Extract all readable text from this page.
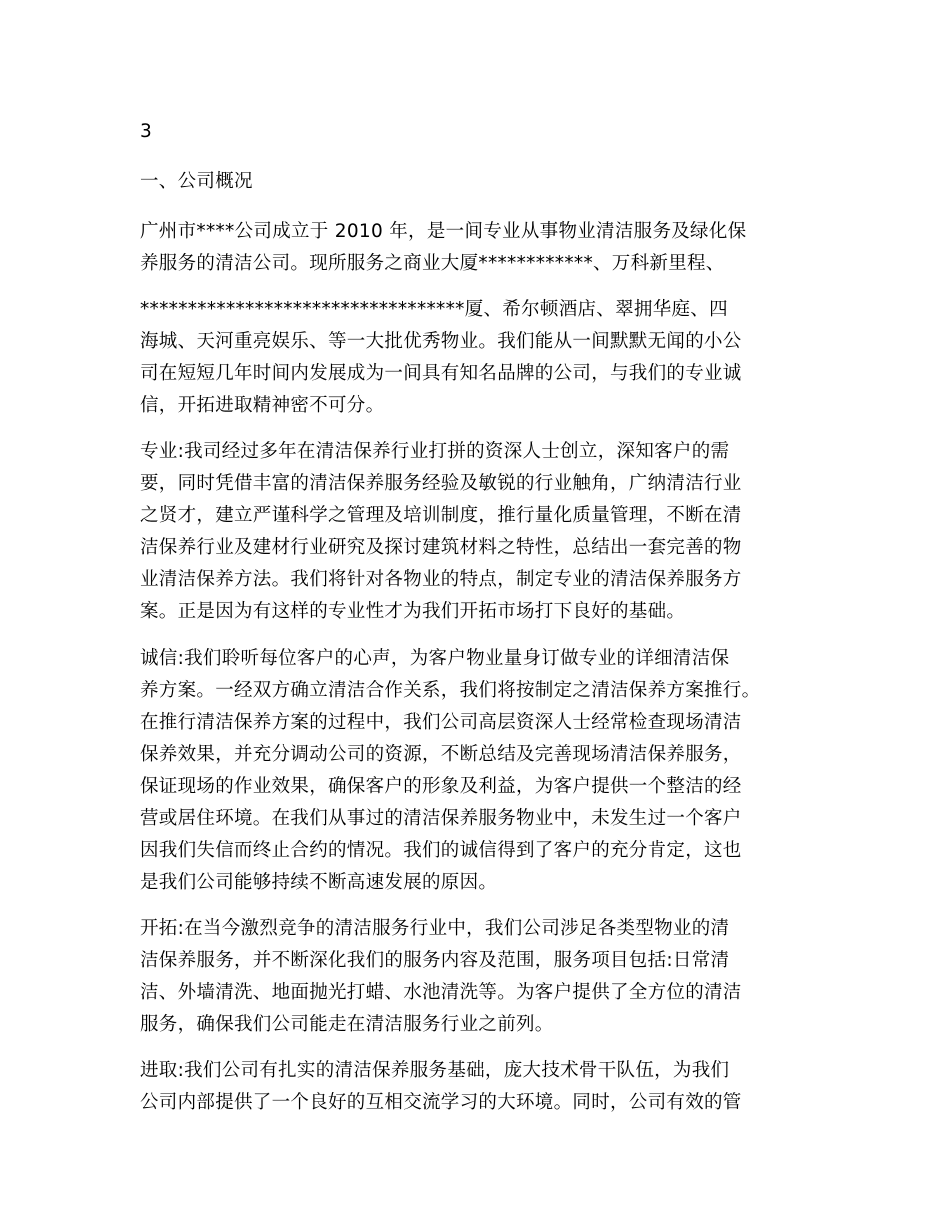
3
一、公司概况
广州市****公司成立于 2010 年，是一间专业从事物业清洁服务及绿化保
养服务的清洁公司。现所服务之商业大厦************、万科新里程、
**********************************厦、希尔顿酒店、翠拥华庭、四
海城、天河重亮娱乐、等一大批优秀物业。我们能从一间默默无闻的小公
司在短短几年时间内发展成为一间具有知名品牌的公司，与我们的专业诚
信，开拓进取精神密不可分。
专业:我司经过多年在清洁保养行业打拼的资深人士创立，深知客户的需
要，同时凭借丰富的清洁保养服务经验及敏锐的行业触角，广纳清洁行业
之贤才，建立严谨科学之管理及培训制度，推行量化质量管理，不断在清
洁保养行业及建材行业研究及探讨建筑材料之特性，总结出一套完善的物
业清洁保养方法。我们将针对各物业的特点，制定专业的清洁保养服务方
案。正是因为有这样的专业性才为我们开拓市场打下良好的基础。
诚信:我们聆听每位客户的心声，为客户物业量身订做专业的详细清洁保
养方案。一经双方确立清洁合作关系，我们将按制定之清洁保养方案推行。
在推行清洁保养方案的过程中，我们公司高层资深人士经常检查现场清洁
保养效果，并充分调动公司的资源，不断总结及完善现场清洁保养服务，
保证现场的作业效果，确保客户的形象及利益，为客户提供一个整洁的经
营或居住环境。在我们从事过的清洁保养服务物业中，未发生过一个客户
因我们失信而终止合约的情况。我们的诚信得到了客户的充分肯定，这也
是我们公司能够持续不断高速发展的原因。
开拓:在当今激烈竞争的清洁服务行业中，我们公司涉足各类型物业的清
洁保养服务，并不断深化我们的服务内容及范围，服务项目包括:日常清
洁、外墙清洗、地面抛光打蜡、水池清洗等。为客户提供了全方位的清洁
服务，确保我们公司能走在清洁服务行业之前列。
进取:我们公司有扎实的清洁保养服务基础，庞大技术骨干队伍，为我们
公司内部提供了一个良好的互相交流学习的大环境。同时，公司有效的管
